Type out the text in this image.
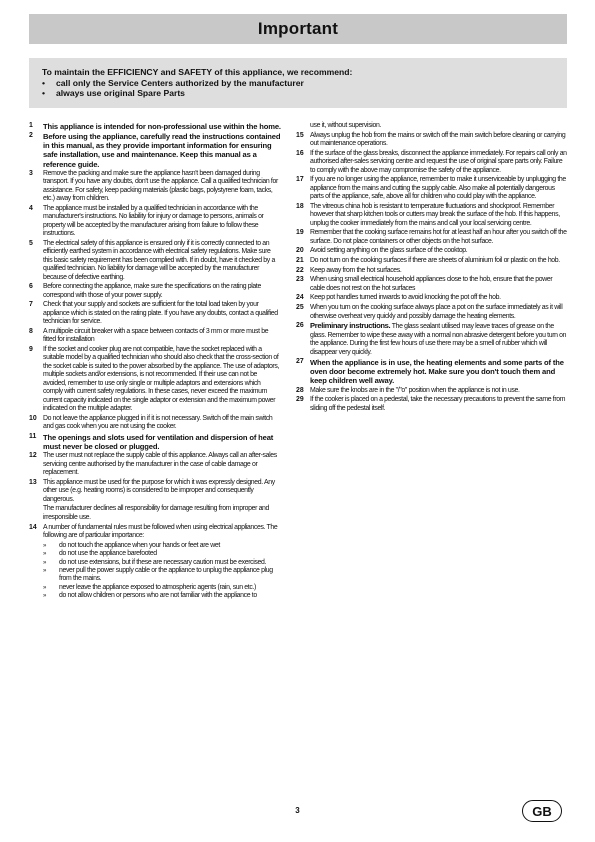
Important
To maintain the EFFICIENCY and SAFETY of this appliance, we recommend:
•	call only the Service Centers authorized by the manufacturer
•	always use original Spare Parts
1	This appliance is intended for non-professional use within the home.
2	Before using the appliance, carefully read the instructions contained in this manual, as they provide important information for ensuring safe installation, use and maintenance. Keep this manual as a reference guide.
3	Remove the packing and make sure the appliance hasn't been damaged during transport. If you have any doubts, don't use the appliance. Call a qualified technician for assistance. For safety, keep packing materials (plastic bags, polystyrene foam, tacks, etc.) away from children.
4	The appliance must be installed by a qualified technician in accordance with the manufacturer's instructions. No liability for injury or damage to persons, animals or property will be accepted by the manufacturer arising from failure to follow these instructions.
5	The electrical safety of this appliance is ensured only if it is correctly connected to an efficiently earthed system in accordance with electrical safety regulations. Make sure this basic safety requirement has been complied with. If in doubt, have it checked by a qualified technician. No liability for damage will be accepted by the manufacturer because of defective earthing.
6	Before connecting the appliance, make sure the specifications on the rating plate correspond with those of your power supply.
7	Check that your supply and sockets are sufficient for the total load taken by your appliance which is stated on the rating plate. If you have any doubts, contact a qualified technician for service.
8	A multipole circuit breaker with a space between contacts of 3 mm or more must be fitted for installation
9	If the socket and cooker plug are not compatible, have the socket replaced with a suitable model by a qualified technician who should also check that the cross-section of the socket cable is suited to the power absorbed by the appliance. The use of adaptors, multiple sockets and/or extensions, is not recommended. If their use can not be avoided, remember to use only single or multiple adaptors and extensions which comply with current safety regulations. In these cases, never exceed the maximum current capacity indicated on the single adaptor or extension and the maximum power indicated on the multiple adapter.
10 Do not leave the appliance plugged in if it is not necessary. Switch off the main switch and gas cook when you are not using the cooker.
11 The openings and slots used for ventilation and dispersion of heat must never be closed or plugged.
12 The user must not replace the supply cable of this appliance. Always call an after-sales servicing centre authorised by the manufacturer in the case of cable damage or replacement.
13 This appliance must be used for the purpose for which it was expressly designed. Any other use (e.g. heating rooms) is considered to be improper and consequently dangerous.
The manufacturer declines all responsibility for damage resulting from improper and irresponsible use.
14 A number of fundamental rules must be followed when using electrical appliances. The following are of particular importance:
»	do not touch the appliance when your hands or feet are wet
»	do not use the appliance barefooted
»	do not use extensions, but if these are necessary caution must be exercised.
»	never pull the power supply cable or the appliance to unplug the appliance plug from the mains.
»	never leave the appliance exposed to atmospheric agents (rain, sun etc.)
»	do not allow children or persons who are not familiar with the appliance to
use it, without supervision.
15 Always unplug the hob from the mains or switch off the main switch before cleaning or carrying out maintenance operations.
16 If the surface of the glass breaks, disconnect the appliance immediately. For repairs call only an authorised after-sales servicing centre and request the use of original spare parts only. Failure to comply with the above may compromise the safety of the appliance.
17 If you are no longer using the appliance, remember to make it unserviceable by unplugging the appliance from the mains and cutting the supply cable. Also make all potentially dangerous parts of the appliance, safe, above all for children who could play with the appliance.
18 The vitreous china hob is resistant to temperature fluctuations and shockproof. Remember however that sharp kitchen tools or cutters may break the surface of the hob. If this happens, unplug the cooker immediately from the mains and call your local servicing centre.
19 Remember that the cooking surface remains hot for at least half an hour after you switch off the surface. Do not place containers or other objects on the hot surface.
20 Avoid setting anything on the glass surface of the cooktop.
21 Do not turn on the cooking surfaces if there are sheets of aluminium foil or plastic on the hob.
22 Keep away from the hot surfaces.
23 When using small electrical household appliances close to the hob, ensure that the power cable does not rest on the hot surfaces
24 Keep pot handles turned inwards to avoid knocking the pot off the hob.
25 When you turn on the cooking surface always place a pot on the surface immediately as it will otherwise overheat very quickly and possibly damage the heating elements.
26 Preliminary instructions. The glass sealant utilised may leave traces of grease on the glass. Remember to wipe these away with a normal non abrasive detergent before you turn on the appliance. During the first few hours of use there may be a smell of rubber which will disappear very quickly.
27 When the appliance is in use, the heating elements and some parts of the oven door become extremely hot. Make sure you don't touch them and keep children well away.
28 Make sure the knobs are in the "/"o" position when the appliance is not in use.
29 If the cooker is placed on a pedestal, take the necessary precautions to prevent the same from sliding off the pedestal itself.
3	GB
